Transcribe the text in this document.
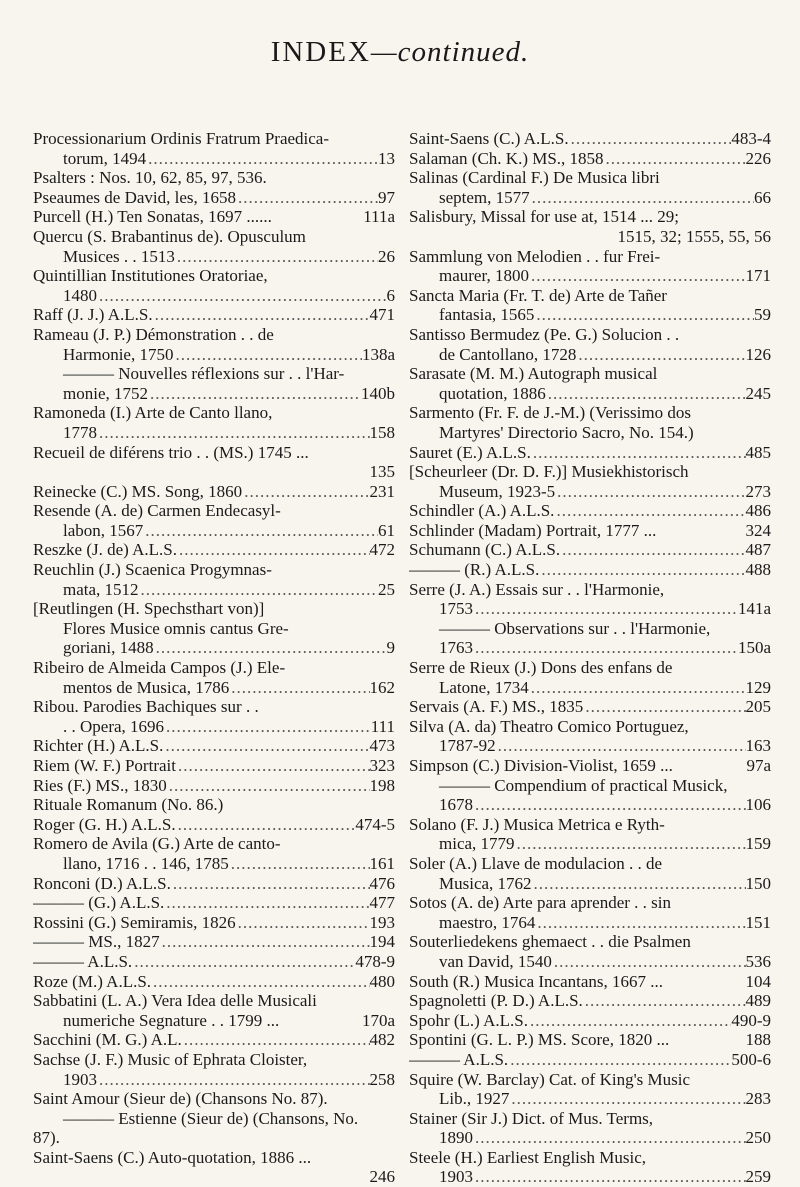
INDEX—continued.
Processionarium Ordinis Fratrum Praedica-
torum, 1494 .....	13
Psalters : Nos. 10, 62, 85, 97, 536.
Pseaumes de David, les, 1658 .....	97
Purcell (H.) Ten Sonatas, 1697 ......	111a
Quercu (S. Brabantinus de). Opusculum
Musices . . 1513 .....	26
Quintillian Institutiones Oratoriae,
1480 .....	6
Raff (J. J.) A.L.S. .....	471
Rameau (J. P.) Démonstration . . de
Harmonie, 1750 .....	138a
——— Nouvelles réflexions sur . . l'Har-
monie, 1752 .....	140b
Ramoneda (I.) Arte de Canto llano,
1778 .....	158
Recueil de diférens trio . . (MS.) 1745 ...
135
Reinecke (C.) MS. Song, 1860 .....	231
Resende (A. de) Carmen Endecasyl-
labon, 1567 .....	61
Reszke (J. de) A.L.S. .....	472
Reuchlin (J.) Scaenica Progymnas-
mata, 1512 .....	25
[Reutlingen (H. Spechsthart von)]
Flores Musice omnis cantus Gre-
goriani, 1488 .....	9
Ribeiro de Almeida Campos (J.) Ele-
mentos de Musica, 1786 .....	162
Ribou. Parodies Bachiques sur . .
. . Opera, 1696 .....	111
Richter (H.) A.L.S. .....	473
Riem (W. F.) Portrait .....	323
Ries (F.) MS., 1830 .....	198
Rituale Romanum (No. 86.)
Roger (G. H.) A.L.S. .....	474-5
Romero de Avila (G.) Arte de canto-
llano, 1716 . . 146, 1785 .....	161
Ronconi (D.) A.L.S. .....	476
——— (G.) A.L.S. .....	477
Rossini (G.) Semiramis, 1826 .....	193
——— MS., 1827 .....	194
——— A.L.S. .....	478-9
Roze (M.) A.L.S. .....	480
Sabbatini (L. A.) Vera Idea delle Musicali
numeriche Segnature . . 1799 ...	170a
Sacchini (M. G.) A.L. .....	482
Sachse (J. F.) Music of Ephrata Cloister,
1903 .....	258
Saint Amour (Sieur de) (Chansons No. 87).
——— Estienne (Sieur de) (Chansons, No.
87).
Saint-Saens (C.) Auto-quotation, 1886 ...
246
Saint-Saens (C.) A.L.S. .....	483-4
Salaman (Ch. K.) MS., 1858 .....	226
Salinas (Cardinal F.) De Musica libri
septem, 1577 .....	66
Salisbury, Missal for use at, 1514 ... 29;
1515, 32; 1555, 55, 56
Sammlung von Melodien . . fur Frei-
maurer, 1800 .....	171
Sancta Maria (Fr. T. de) Arte de Tañer
fantasia, 1565 .....	59
Santisso Bermudez (Pe. G.) Solucion . .
de Cantollano, 1728 .....	126
Sarasate (M. M.) Autograph musical
quotation, 1886 .....	245
Sarmento (Fr. F. de J.-M.) (Verissimo dos
Martyres' Directorio Sacro, No. 154.)
Sauret (E.) A.L.S. .....	485
[Scheurleer (Dr. D. F.)] Musiekhistorisch
Museum, 1923-5 .....	273
Schindler (A.) A.L.S. .....	486
Schlinder (Madam) Portrait, 1777 ...	324
Schumann (C.) A.L.S. .....	487
——— (R.) A.L.S. .....	488
Serre (J. A.) Essais sur . . l'Harmonie,
1753 .....	141a
——— Observations sur . . l'Harmonie,
1763 .....	150a
Serre de Rieux (J.) Dons des enfans de
Latone, 1734 .....	129
Servais (A. F.) MS., 1835 .....	205
Silva (A. da) Theatro Comico Portuguez,
1787-92 .....	163
Simpson (C.) Division-Violist, 1659 ...	97a
——— Compendium of practical Musick,
1678 .....	106
Solano (F. J.) Musica Metrica e Ryth-
mica, 1779 .....	159
Soler (A.) Llave de modulacion . . de
Musica, 1762 .....	150
Sotos (A. de) Arte para aprender . . sin
maestro, 1764 .....	151
Souterliedekens ghemaect . . die Psalmen
van David, 1540 .....	536
South (R.) Musica Incantans, 1667 ...	104
Spagnoletti (P. D.) A.L.S. .....	489
Spohr (L.) A.L.S. .....	490-9
Spontini (G. L. P.) MS. Score, 1820 ...	188
——— A.L.S. .....	500-6
Squire (W. Barclay) Cat. of King's Music
Lib., 1927 .....	283
Stainer (Sir J.) Dict. of Mus. Terms,
1890 .....	250
Steele (H.) Earliest English Music,
1903 .....	259
